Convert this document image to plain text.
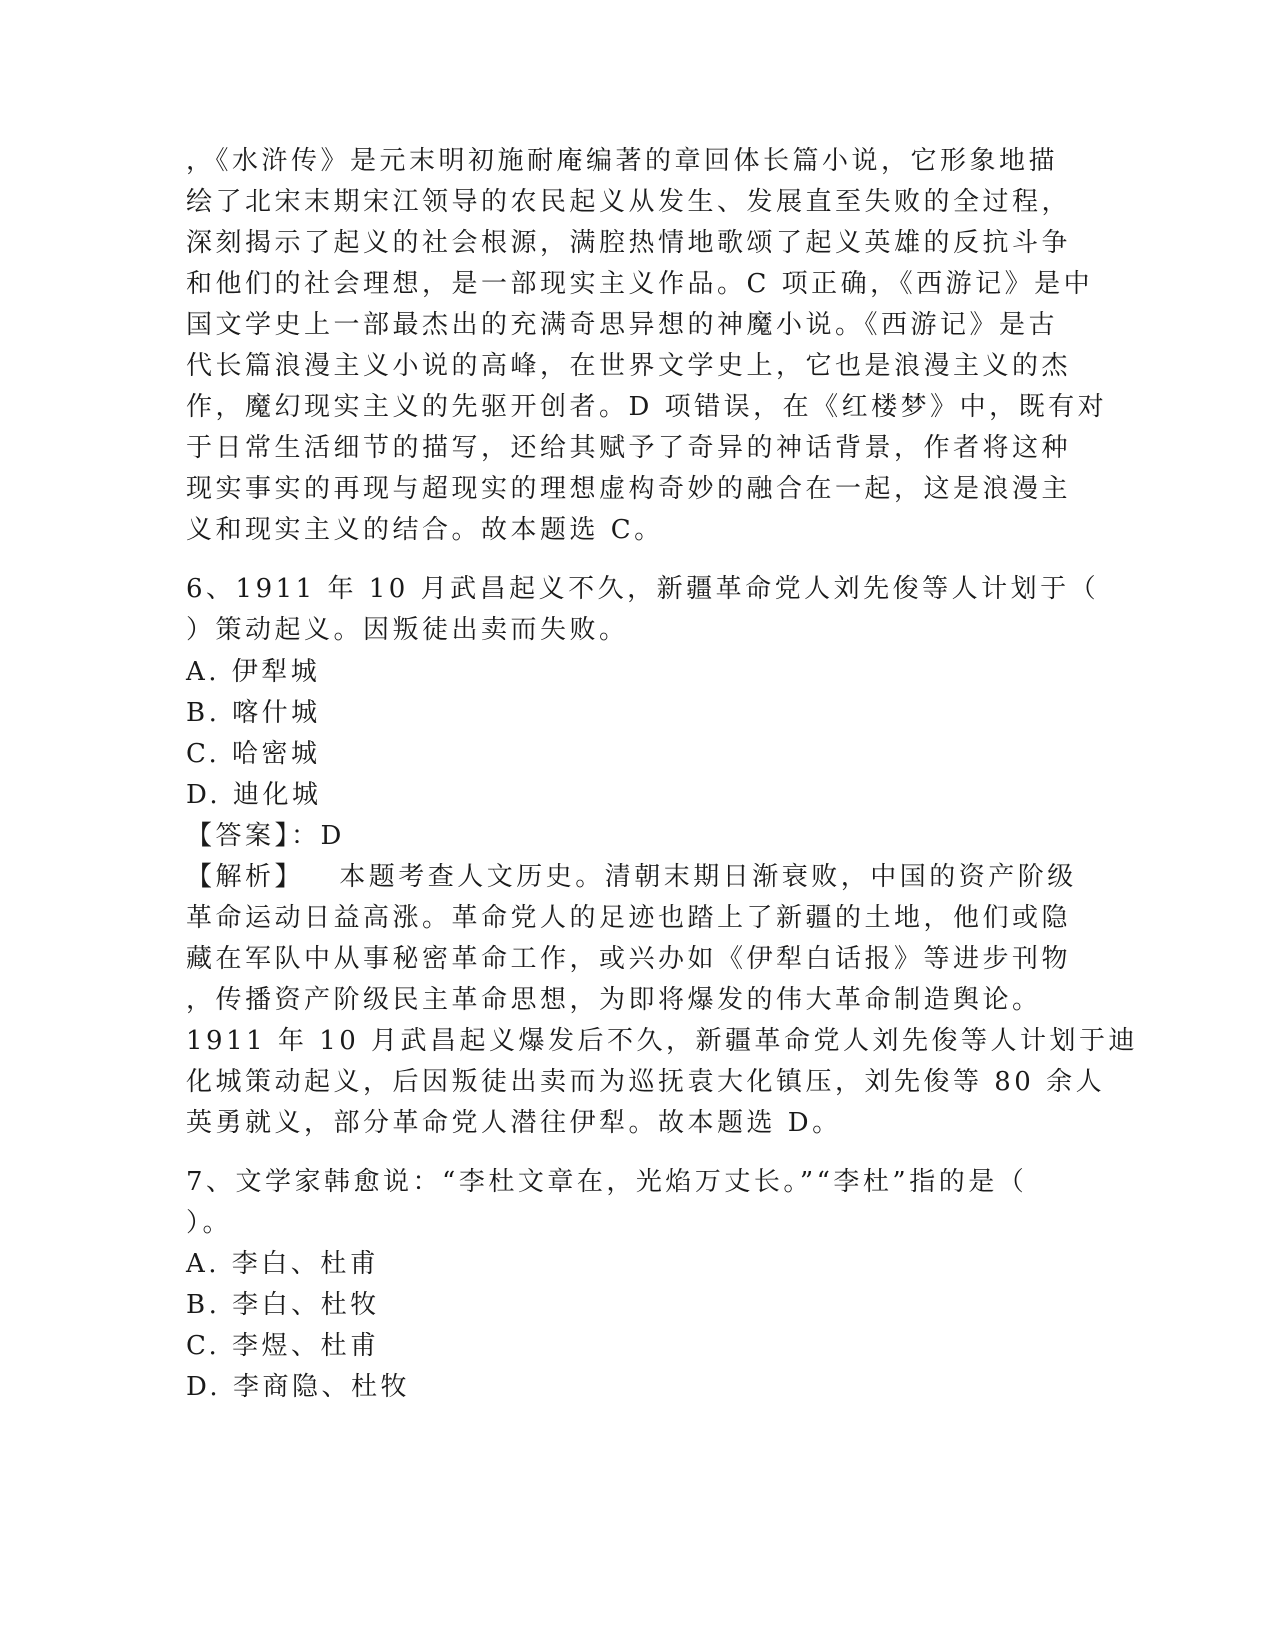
，《水浒传》是元末明初施耐庵编著的章回体长篇小说，它形象地描
绘了北宋末期宋江领导的农民起义从发生、发展直至失败的全过程，
深刻揭示了起义的社会根源，满腔热情地歌颂了起义英雄的反抗斗争
和他们的社会理想，是一部现实主义作品。C 项正确，《西游记》是中
国文学史上一部最杰出的充满奇思异想的神魔小说。《西游记》是古
代长篇浪漫主义小说的高峰，在世界文学史上，它也是浪漫主义的杰
作，魔幻现实主义的先驱开创者。D 项错误，在《红楼梦》中，既有对
于日常生活细节的描写，还给其赋予了奇异的神话背景，作者将这种
现实事实的再现与超现实的理想虚构奇妙的融合在一起，这是浪漫主
义和现实主义的结合。故本题选 C。
6、1911 年 10 月武昌起义不久，新疆革命党人刘先俊等人计划于（
）策动起义。因叛徒出卖而失败。
A. 伊犁城
B. 喀什城
C. 哈密城
D. 迪化城
【答案】：D
【解析】   本题考查人文历史。清朝末期日渐衰败，中国的资产阶级
革命运动日益高涨。革命党人的足迹也踏上了新疆的土地，他们或隐
藏在军队中从事秘密革命工作，或兴办如《伊犁白话报》等进步刊物
，传播资产阶级民主革命思想，为即将爆发的伟大革命制造舆论。
1911 年 10 月武昌起义爆发后不久，新疆革命党人刘先俊等人计划于迪
化城策动起义，后因叛徒出卖而为巡抚袁大化镇压，刘先俊等 80 余人
英勇就义，部分革命党人潜往伊犁。故本题选 D。
7、文学家韩愈说：“李杜文章在，光焰万丈长。”“李杜”指的是（
）。
A. 李白、杜甫
B. 李白、杜牧
C. 李煜、杜甫
D. 李商隐、杜牧
